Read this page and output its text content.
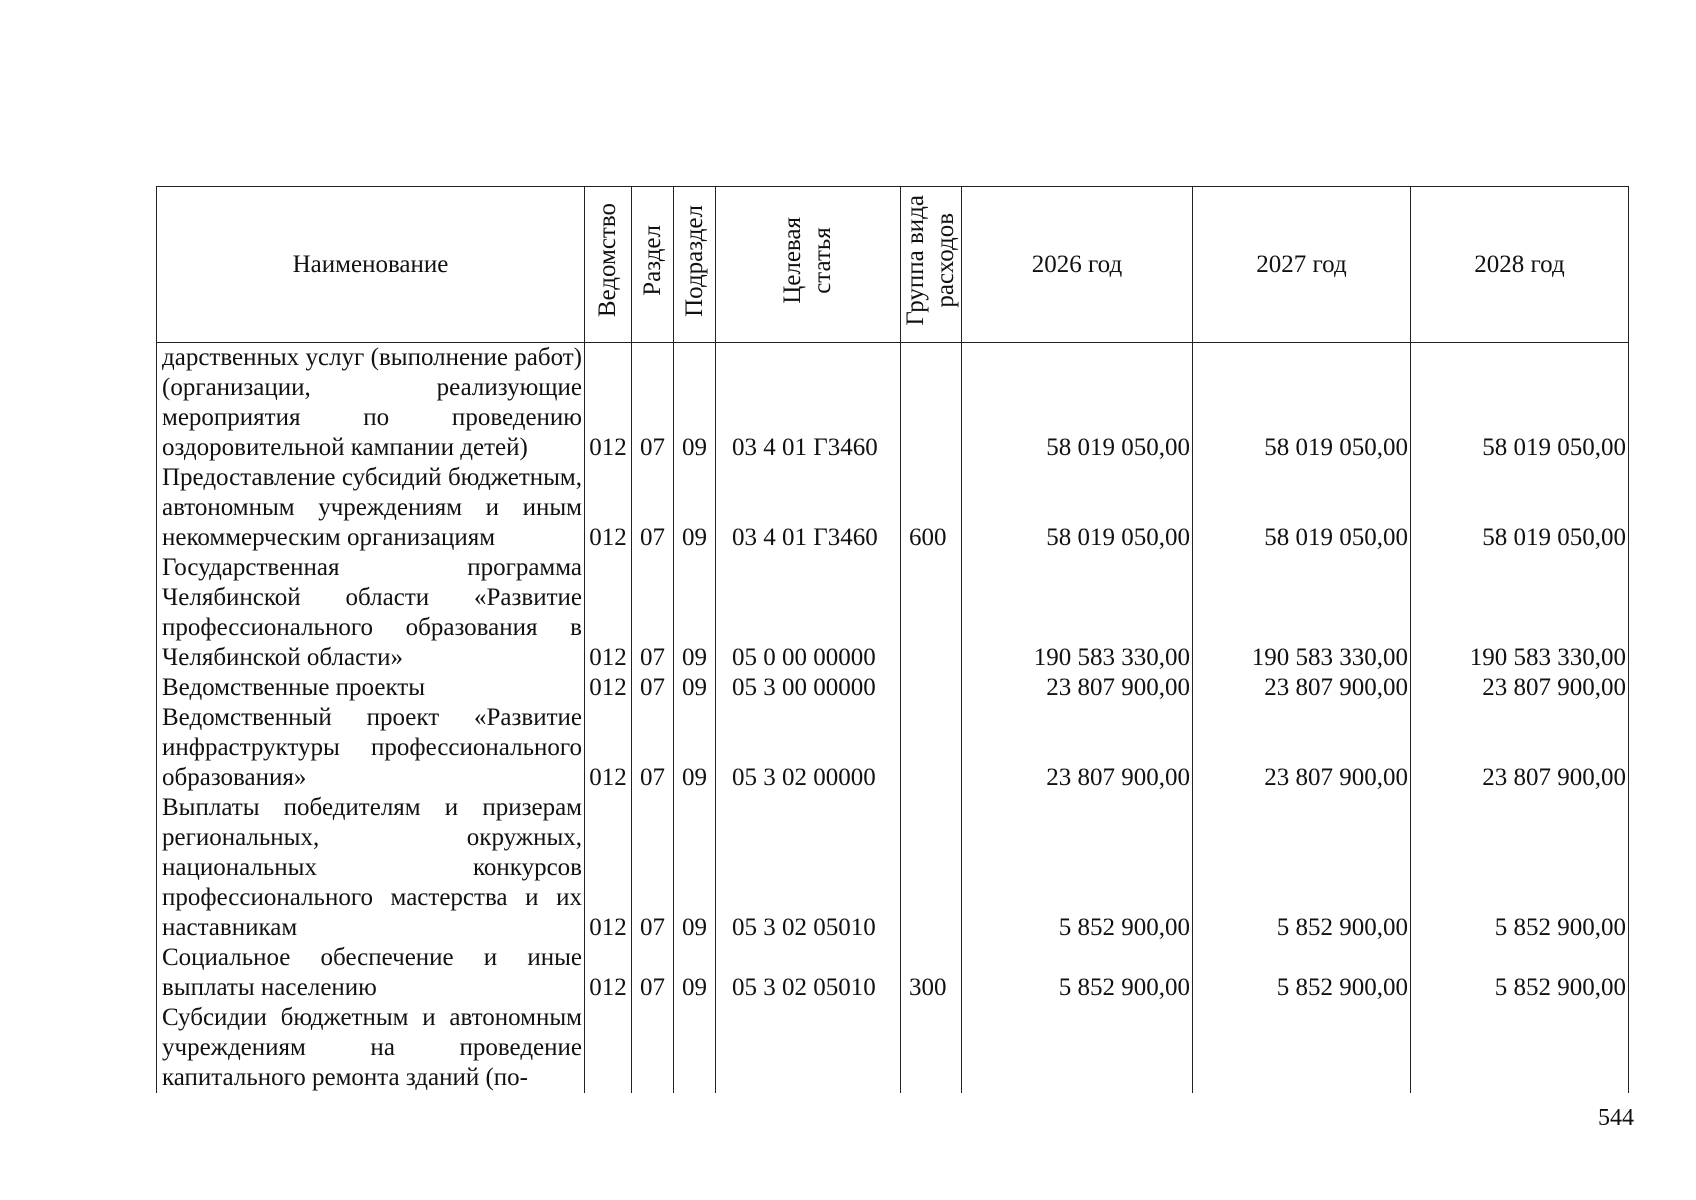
Наименование	Ведомство	Раздел	Подраздел	Целевая статья	Группа вида расходов	2026 год	2027 год	2028 год
дарственных услуг (выполнение работ) (организации, реализующие мероприятия по проведению оздоровительной кампании детей)	012	07	09	03 4 01 Г3460		58 019 050,00	58 019 050,00	58 019 050,00
Предоставление субсидий бюджетным, автономным учреждениям и иным некоммерческим организациям	012	07	09	03 4 01 Г3460	600	58 019 050,00	58 019 050,00	58 019 050,00
Государственная программа Челябинской области «Развитие профессионального образования в Челябинской области»	012	07	09	05 0 00 00000		190 583 330,00	190 583 330,00	190 583 330,00
Ведомственные проекты	012	07	09	05 3 00 00000		23 807 900,00	23 807 900,00	23 807 900,00
Ведомственный проект «Развитие инфраструктуры профессионального образования»	012	07	09	05 3 02 00000		23 807 900,00	23 807 900,00	23 807 900,00
Выплаты победителям и призерам региональных, окружных, национальных конкурсов профессионального мастерства и их наставникам	012	07	09	05 3 02 05010		5 852 900,00	5 852 900,00	5 852 900,00
Социальное обеспечение и иные выплаты населению	012	07	09	05 3 02 05010	300	5 852 900,00	5 852 900,00	5 852 900,00
Субсидии бюджетным и автономным учреждениям на проведение капитального ремонта зданий (по-								
544
